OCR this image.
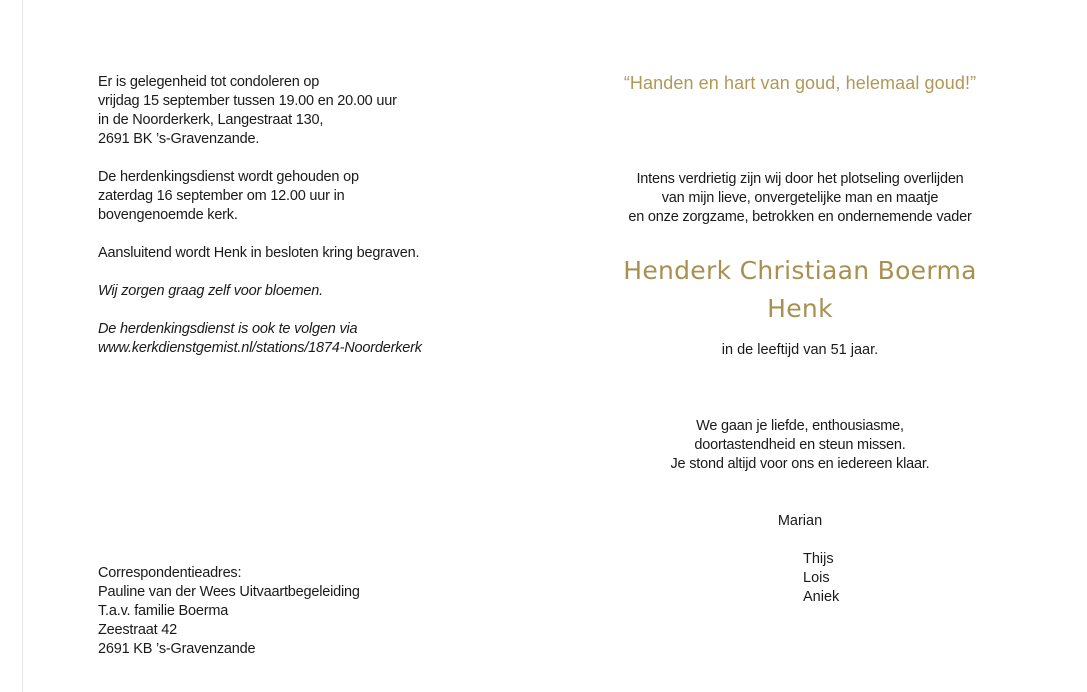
Er is gelegenheid tot condoleren op
vrijdag 15 september tussen 19.00 en 20.00 uur
in de Noorderkerk, Langestraat 130,
2691 BK ’s-Gravenzande.

De herdenkingsdienst wordt gehouden op
zaterdag 16 september om 12.00 uur in
bovengenoemde kerk.

Aansluitend wordt Henk in besloten kring begraven.

Wij zorgen graag zelf voor bloemen.

De herdenkingsdienst is ook te volgen via
www.kerkdienstgemist.nl/stations/1874-Noorderkerk

Correspondentieadres:
Pauline van der Wees Uitvaartbegeleiding
T.a.v. familie Boerma
Zeestraat 42
2691 KB ’s-Gravenzande
“Handen en hart van goud, helemaal goud!”
Intens verdrietig zijn wij door het plotseling overlijden
van mijn lieve, onvergetelijke man en maatje
en onze zorgzame, betrokken en ondernemende vader
Henderk Christiaan Boerma
Henk
in de leeftijd van 51 jaar.
We gaan je liefde, enthousiasme,
doortastendheid en steun missen.
Je stond altijd voor ons en iedereen klaar.
Marian
Thijs
Lois
Aniek
